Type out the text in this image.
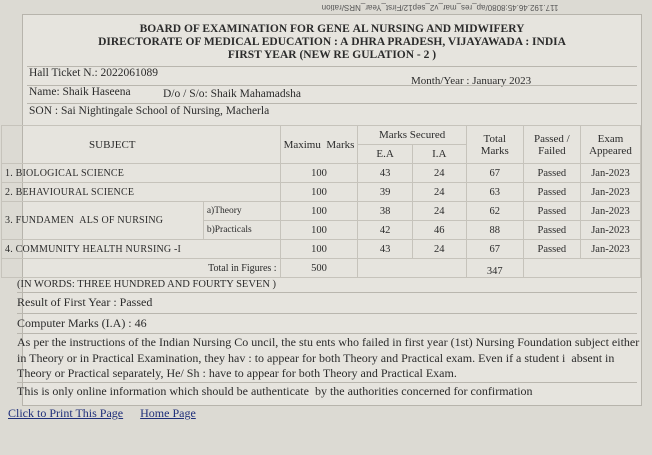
117.192.46.45:8080/ap_res_mar_v2_sep12/First_Year_NRS/ration
BOARD OF EXAMINATION FOR GENE AL NURSING AND MIDWIFERY
DIRECTORATE OF MEDICAL EDUCATION : A DHRA PRADESH, VIJAYAWADA : INDIA
FIRST YEAR (NEW RE GULATION - 2 )
Hall Ticket N.: 2022061089
Month/Year : January 2023
Name: Shaik Haseena	D/o / S/o: Shaik Mahamadsha
SON : Sai Nightingale School of Nursing, Macherla
SUBJECT		Maximu  Marks	Marks Secured		Total Marks	Passed / Failed	Exam Appeared
			E.A	I.A			
1. BIOLOGICAL SCIENCE		100	43	24	67	Passed	Jan-2023
2. BEHAVIOURAL SCIENCE		100	39	24	63	Passed	Jan-2023
3. FUNDAMEN  ALS OF NURSING	a)Theory	100	38	24	62	Passed	Jan-2023
	b)Practicals	100	42	46	88	Passed	Jan-2023
4. COMMUNITY HEALTH NURSING -I		100	43	24	67	Passed	Jan-2023
Total in Figures :		500			347		
(IN WORDS: THREE HUNDRED AND FOURTY SEVEN )
Result of First Year : Passed
Computer Marks (I.A) : 46
As per the instructions of the Indian Nursing Co uncil, the stu ents who failed in first year (1st) Nursing Foundation subject either in Theory or in Practical Examination, they hav : to appear for both Theory and Practical exam. Even if a student i  absent in Theory or Practical separately, He/ Sh : have to appear for both Theory and Practical Exam.
This is only online information which should be authenticate  by the authorities concerned for confirmation
Click to Print This Page Home Page
